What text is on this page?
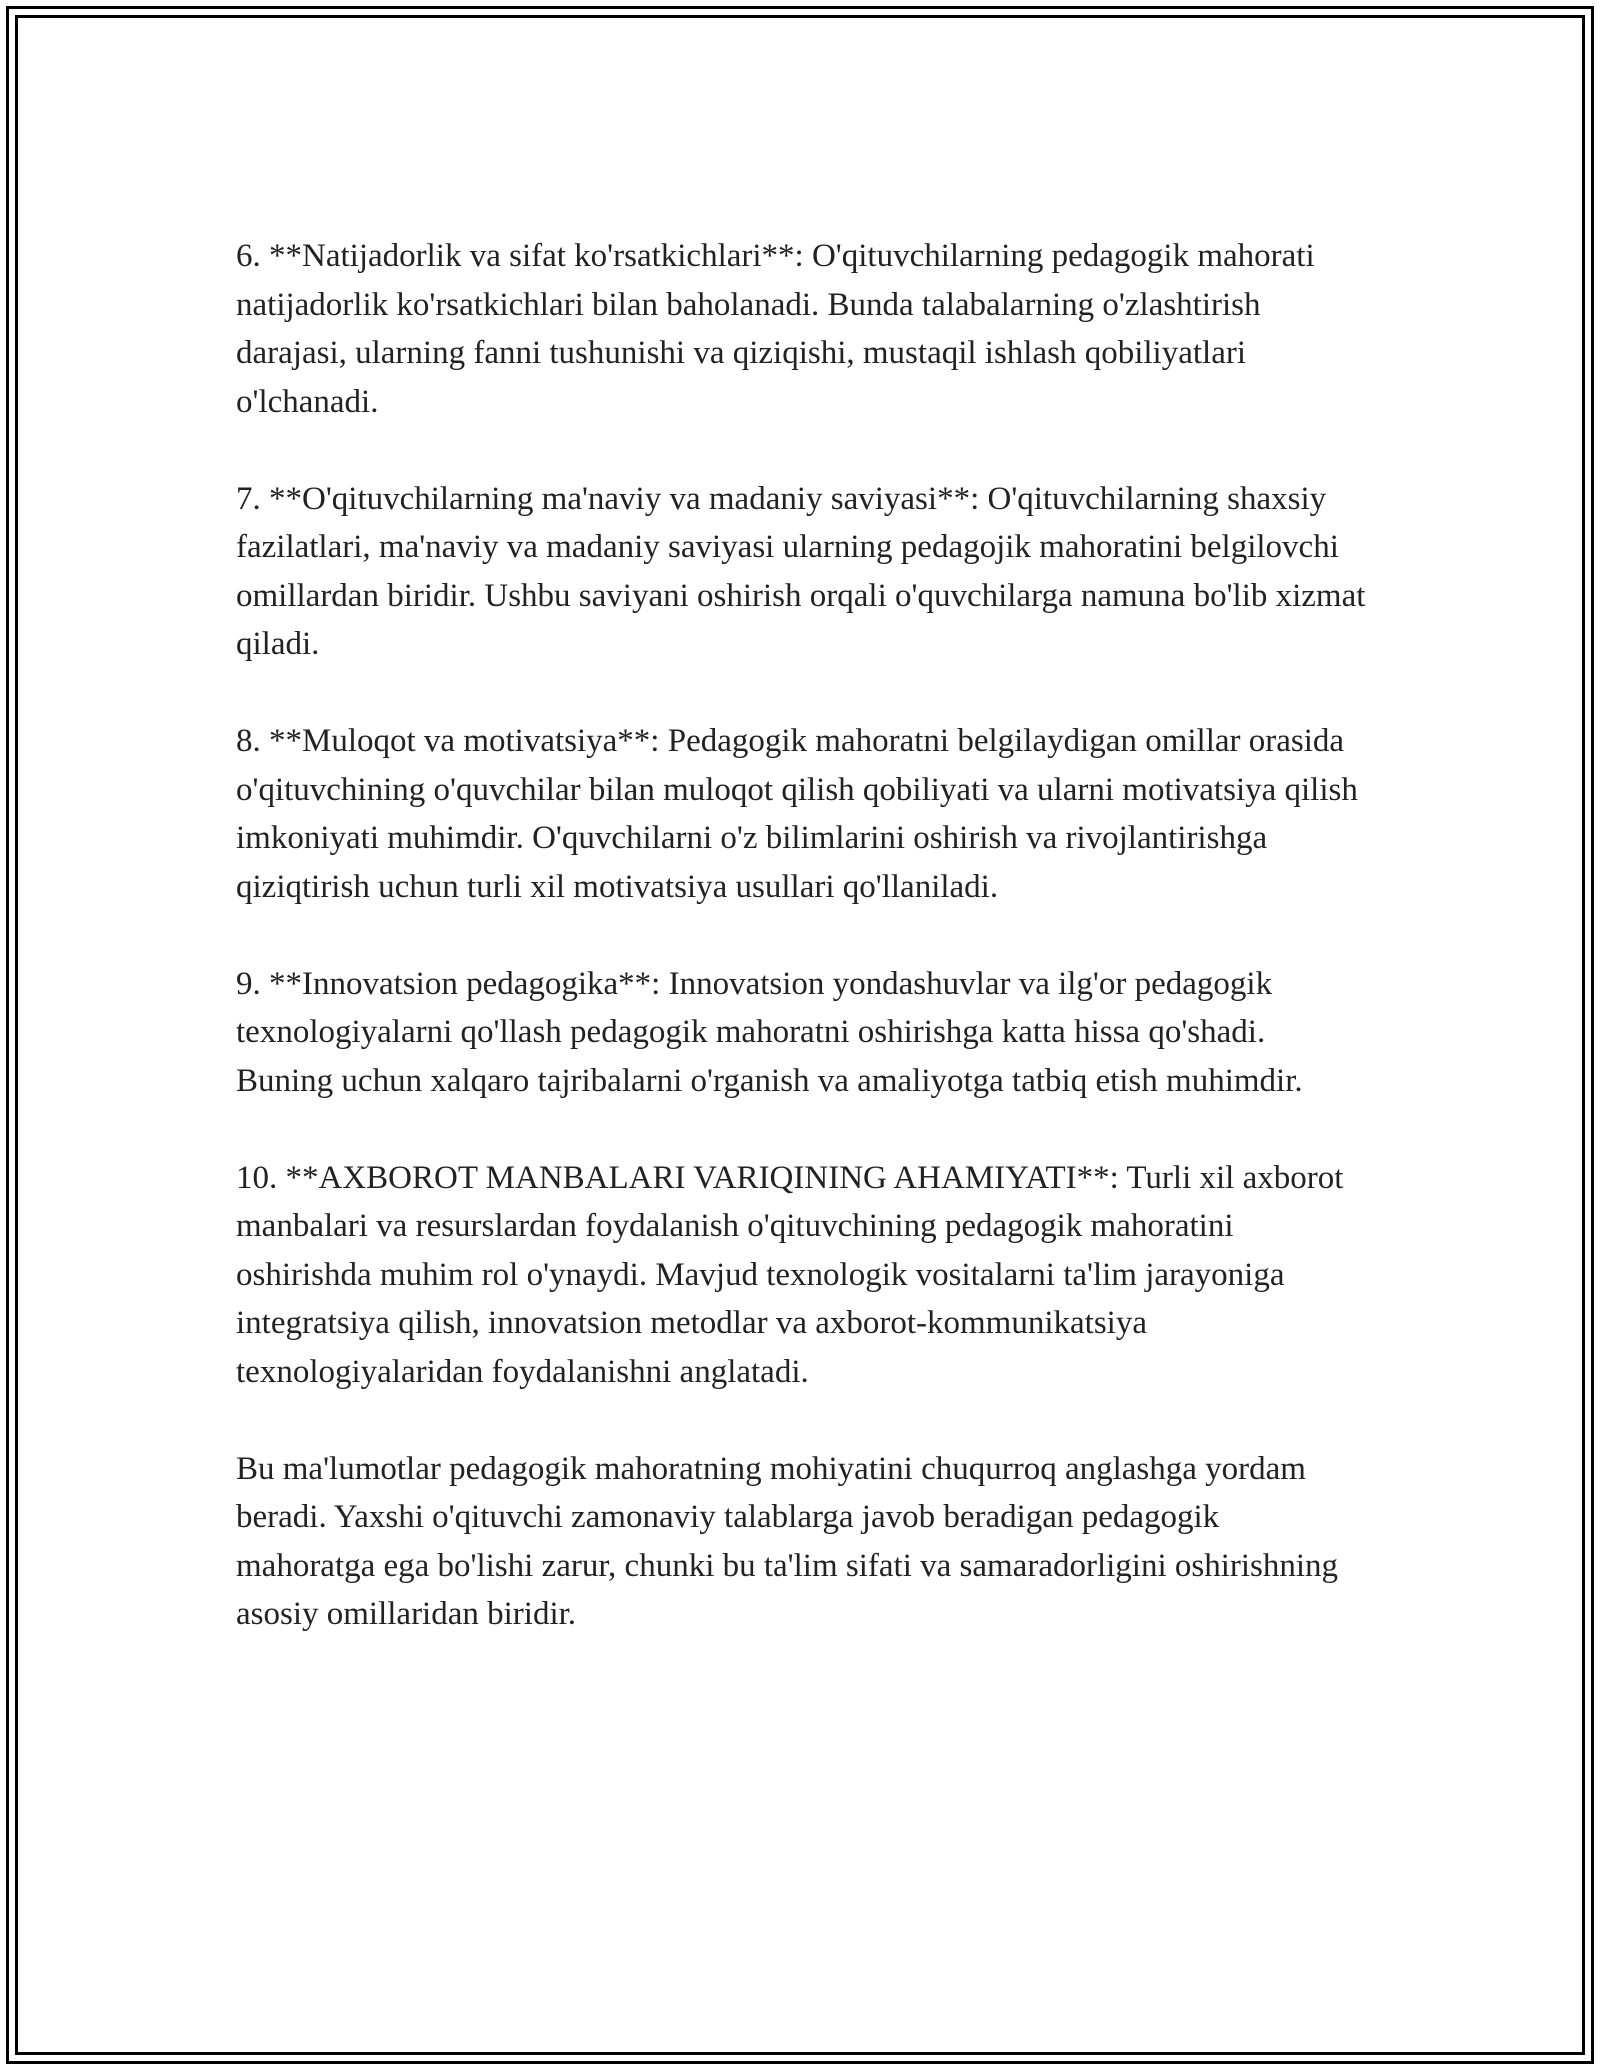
6. **Natijadorlik va sifat ko'rsatkichlari**: O'qituvchilarning pedagogik mahorati natijadorlik ko'rsatkichlari bilan baholanadi. Bunda talabalarning o'zlashtirish darajasi, ularning fanni tushunishi va qiziqishi, mustaqil ishlash qobiliyatlari o'lchanadi.

7. **O'qituvchilarning ma'naviy va madaniy saviyasi**: O'qituvchilarning shaxsiy fazilatlari, ma'naviy va madaniy saviyasi ularning pedagojik mahoratini belgilovchi omillardan biridir. Ushbu saviyani oshirish orqali o'quvchilarga namuna bo'lib xizmat qiladi.

8. **Muloqot va motivatsiya**: Pedagogik mahoratni belgilaydigan omillar orasida o'qituvchining o'quvchilar bilan muloqot qilish qobiliyati va ularni motivatsiya qilish imkoniyati muhimdir. O'quvchilarni o'z bilimlarini oshirish va rivojlantirishga qiziqtirish uchun turli xil motivatsiya usullari qo'llaniladi.

9. **Innovatsion pedagogika**: Innovatsion yondashuvlar va ilg'or pedagogik texnologiyalarni qo'llash pedagogik mahoratni oshirishga katta hissa qo'shadi. Buning uchun xalqaro tajribalarni o'rganish va amaliyotga tatbiq etish muhimdir.

10. **AXBOROT MANBALARI VARIQINING AHAMIYATI**: Turli xil axborot manbalari va resurslardan foydalanish o'qituvchining pedagogik mahoratini oshirishda muhim rol o'ynaydi. Mavjud texnologik vositalarni ta'lim jarayoniga integratsiya qilish, innovatsion metodlar va axborot-kommunikatsiya texnologiyalaridan foydalanishni anglatadi.

Bu ma'lumotlar pedagogik mahoratning mohiyatini chuqurroq anglashga yordam beradi. Yaxshi o'qituvchi zamonaviy talablarga javob beradigan pedagogik mahoratga ega bo'lishi zarur, chunki bu ta'lim sifati va samaradorligini oshirishning asosiy omillaridan biridir.
